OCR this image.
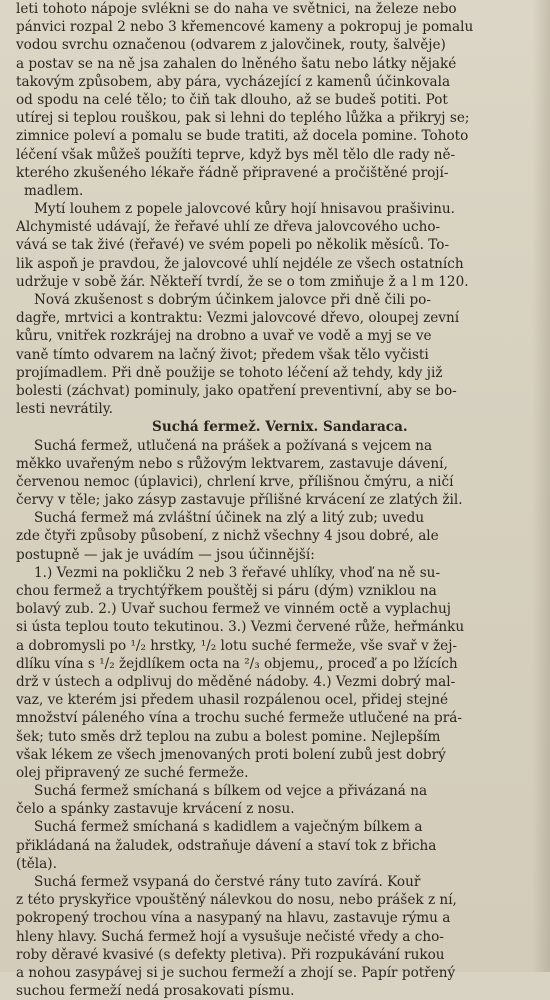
leti tohoto nápoje svlékni se do naha ve světnici, na železe nebo
pánvici rozpal 2 nebo 3 křemencové kameny a pokropuj je pomalu
vodou svrchu označenou (odvarem z jalovčinek, routy, šalvěje)
a postav se na ně jsa zahalen do lněného šatu nebo látky nějaké
takovým způsobem, aby pára, vycházející z kamenů účinkovala
od spodu na celé tělo; to čiň tak dlouho, až se budeš potiti. Pot
utírej si teplou rouškou, pak si lehni do teplého lůžka a přikryj se;
zimnice poleví a pomalu se bude tratiti, až docela pomine. Tohoto
léčení však můžeš použíti teprve, když bys měl tělo dle rady ně-
kterého zkušeného lékaře řádně připravené a pročištěné projí-
madlem.
Mytí louhem z popele jalovcové kůry hojí hnisavou prašivinu.
Alchymisté udávají, že řeřavé uhlí ze dřeva jalovcového ucho-
vává se tak živé (řeřavé) ve svém popeli po několik měsíců. To-
lik aspoň je pravdou, že jalovcové uhlí nejdéle ze všech ostatních
udržuje v sobě žár. Někteří tvrdí, že se o tom zmiňuje ž a l m 120.
Nová zkušenost s dobrým účinkem jalovce při dně čili po-
dagře, mrtvici a kontraktu: Vezmi jalovcové dřevo, oloupej zevní
kůru, vnitřek rozkrájej na drobno a uvař ve vodě a myj se ve
vaně tímto odvarem na lačný život; předem však tělo vyčisti
projímadlem. Při dně použije se tohoto léčení až tehdy, kdy již
bolesti (záchvat) pominuly, jako opatření preventivní, aby se bo-
lesti nevrátily.
Suchá fermež. Vernix. Sandaraca.
Suchá fermež, utlučená na prášek a požívaná s vejcem na
měkko uvařeným nebo s růžovým lektvarem, zastavuje dávení,
červenou nemoc (úplavici), chrlení krve, přílišnou čmýru, a ničí
červy v těle; jako zásyp zastavuje přílišné krvácení ze zlatých žil.
Suchá fermež má zvláštní účinek na zlý a litý zub; uvedu
zde čtyři způsoby působení, z nichž všechny 4 jsou dobré, ale
postupně — jak je uvádím — jsou účinnější:
1.) Vezmi na pokličku 2 neb 3 řeřavé uhlíky, vhoď na ně su-
chou fermež a trychtýřkem pouštěj si páru (dým) vzniklou na
bolavý zub. 2.) Uvař suchou fermež ve vinném octě a vyplachuj
si ústa teplou touto tekutinou. 3.) Vezmi červené růže, heřmánku
a dobromysli po ¹/₂ hrstky, ¹/₂ lotu suché fermeže, vše svař v žej-
dlíku vína s ¹/₂ žejdlíkem octa na ²/₃ objemu,, proceď a po lžících
drž v ústech a odplivuj do měděné nádoby. 4.) Vezmi dobrý mal-
vaz, ve kterém jsi předem uhasil rozpálenou ocel, přidej stejné
množství páleného vína a trochu suché fermeže utlučené na prá-
šek; tuto směs drž teplou na zubu a bolest pomine. Nejlepším
však lékem ze všech jmenovaných proti bolení zubů jest dobrý
olej připravený ze suché fermeže.
Suchá fermež smíchaná s bílkem od vejce a přivázaná na
čelo a spánky zastavuje krvácení z nosu.
Suchá fermež smíchaná s kadidlem a vaječným bílkem a
přikládaná na žaludek, odstraňuje dávení a staví tok z břicha
(těla).
Suchá fermež vsypaná do čerstvé rány tuto zavírá. Kouř
z této pryskyřice vpouštěný nálevkou do nosu, nebo prášek z ní,
pokropený trochou vína a nasypaný na hlavu, zastavuje rýmu a
hleny hlavy. Suchá fermež hojí a vysušuje nečisté vředy a cho-
roby děravé kvasivé (s defekty pletiva). Při rozpukávání rukou
a nohou zasypávej si je suchou fermeží a zhojí se. Papír potřený
suchou fermeží nedá prosakovati písmu.
